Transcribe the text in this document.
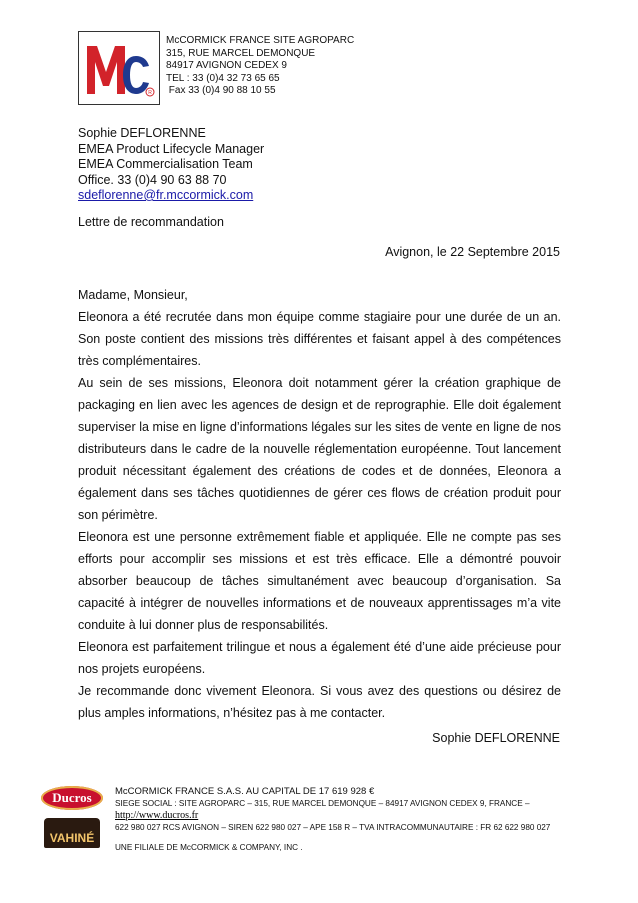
R
McCORMICK FRANCE SITE AGROPARC
315, RUE MARCEL DEMONQUE
84917 AVIGNON CEDEX 9
TEL : 33 (0)4 32 73 65 65
Fax 33 (0)4 90 88 10 55
Sophie DEFLORENNE
EMEA Product Lifecycle Manager
EMEA Commercialisation Team
Office. 33 (0)4 90 63 88 70
sdeflorenne@fr.mccormick.com
Lettre de recommandation
Avignon, le 22 Septembre 2015
Madame, Monsieur,

Eleonora a été recrutée dans mon équipe comme stagiaire pour une durée de un an. Son poste contient des missions très différentes et faisant appel à des compétences très complémentaires.

Au sein de ses missions, Eleonora doit notamment gérer la création graphique de packaging en lien avec les agences de design et de reprographie. Elle doit également superviser la mise en ligne d’informations légales sur les sites de vente en ligne de nos distributeurs dans le cadre de la nouvelle réglementation européenne. Tout lancement produit nécessitant également des créations de codes et de données, Eleonora a également dans ses tâches quotidiennes de gérer ces flows de création produit pour son périmètre.

Eleonora est une personne extrêmement fiable et appliquée. Elle ne compte pas ses efforts pour accomplir ses missions et est très efficace. Elle a démontré pouvoir absorber beaucoup de tâches simultanément avec beaucoup d’organisation. Sa capacité à intégrer de nouvelles informations et de nouveaux apprentissages m’a vite conduite à lui donner plus de responsabilités.

Eleonora est parfaitement trilingue et nous a également été d’une aide précieuse pour nos projets européens.

Je recommande donc vivement Eleonora. Si vous avez des questions ou désirez de plus amples informations, n’hésitez pas à me contacter.

Sophie DEFLORENNE
Ducros
VAHINÉ
McCORMICK FRANCE S.A.S. AU CAPITAL DE 17 619 928 €
SIEGE SOCIAL : SITE AGROPARC – 315, RUE MARCEL DEMONQUE – 84917 AVIGNON CEDEX 9, FRANCE –
http://www.ducros.fr
622 980 027 RCS AVIGNON – SIREN 622 980 027 – APE 158 R – TVA INTRACOMMUNAUTAIRE : FR 62 622 980 027
UNE FILIALE DE McCORMICK & COMPANY, INC .
